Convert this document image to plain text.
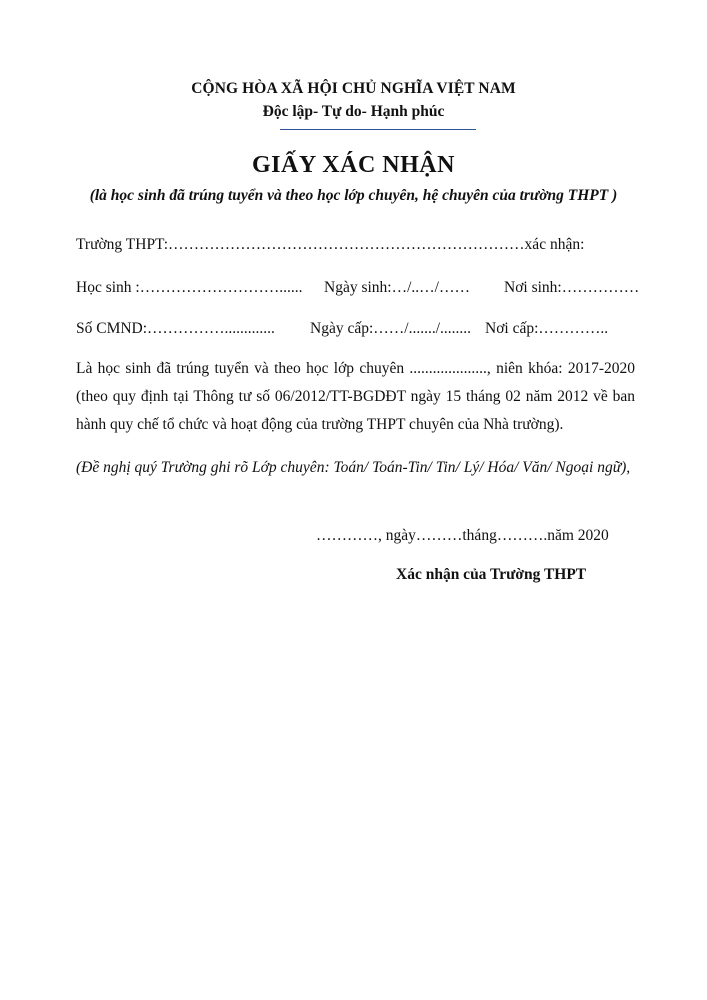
CỘNG HÒA XÃ HỘI CHỦ NGHĨA VIỆT NAM
Độc lập- Tự do- Hạnh phúc
GIẤY XÁC NHẬN
(là học sinh đã trúng tuyển và theo học lớp chuyên, hệ chuyên của trường THPT )
Trường THPT:……………………………………………………………xác nhận:
Học sinh :………………………...... Ngày sinh:…/..…/…… Nơi sinh:……………
Số CMND:……………............. Ngày cấp:……/......./........ Nơi cấp:…………..
Là học sinh đã trúng tuyển và theo học lớp chuyên ...................., niên khóa: 2017-2020 (theo quy định tại Thông tư số 06/2012/TT-BGDĐT ngày 15 tháng 02 năm 2012 về ban hành quy chế tổ chức và hoạt động của trường THPT chuyên của Nhà trường).
(Đề nghị quý Trường ghi rõ Lớp chuyên: Toán/ Toán-Tin/ Tin/ Lý/ Hóa/ Văn/ Ngoại ngữ),
…………, ngày………tháng……….năm 2020
Xác nhận của Trường THPT
